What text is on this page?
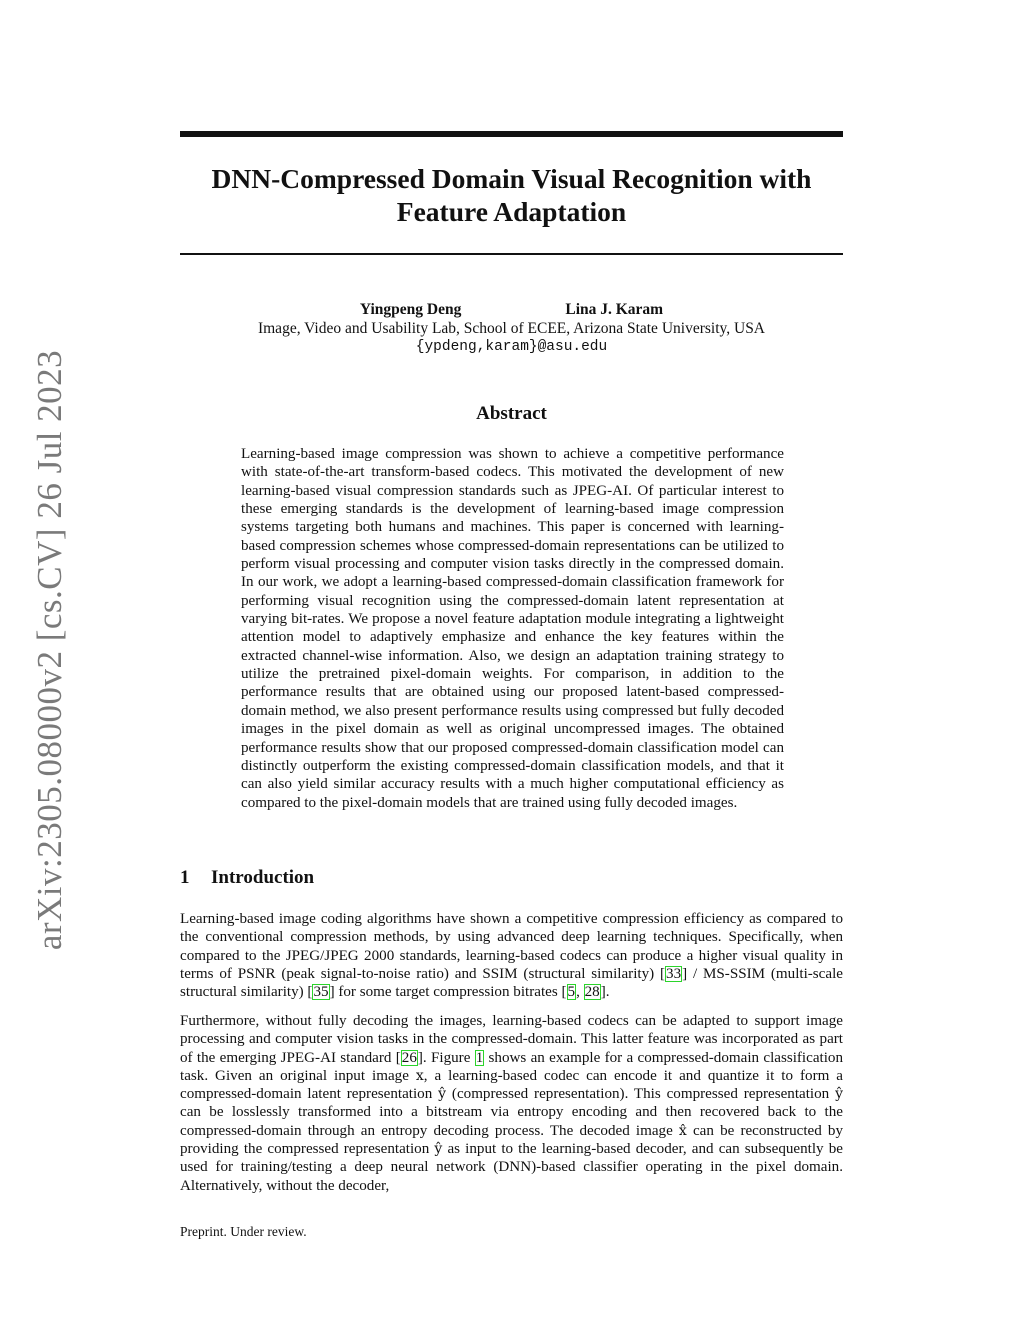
DNN-Compressed Domain Visual Recognition with
Feature Adaptation
Yingpeng Deng	Lina J. Karam
Image, Video and Usability Lab, School of ECEE, Arizona State University, USA
{ypdeng,karam}@asu.edu
Abstract

Learning-based image compression was shown to achieve a competitive performance with state-of-the-art transform-based codecs. This motivated the development of new learning-based visual compression standards such as JPEG-AI. Of particular interest to these emerging standards is the development of learning-based image compression systems targeting both humans and machines. This paper is concerned with learning-based compression schemes whose compressed-domain representations can be utilized to perform visual processing and computer vision tasks directly in the compressed domain. In our work, we adopt a learning-based compressed-domain classification framework for performing visual recognition using the compressed-domain latent representation at varying bit-rates. We propose a novel feature adaptation module integrating a lightweight attention model to adaptively emphasize and enhance the key features within the extracted channel-wise information. Also, we design an adaptation training strategy to utilize the pretrained pixel-domain weights. For comparison, in addition to the performance results that are obtained using our proposed latent-based compressed-domain method, we also present performance results using compressed but fully decoded images in the pixel domain as well as original uncompressed images. The obtained performance results show that our proposed compressed-domain classification model can distinctly outperform the existing compressed-domain classification models, and that it can also yield similar accuracy results with a much higher computational efficiency as compared to the pixel-domain models that are trained using fully decoded images.

1 Introduction

Learning-based image coding algorithms have shown a competitive compression efficiency as compared to the conventional compression methods, by using advanced deep learning techniques. Specifically, when compared to the JPEG/JPEG 2000 standards, learning-based codecs can produce a higher visual quality in terms of PSNR (peak signal-to-noise ratio) and SSIM (structural similarity) [33] / MS-SSIM (multi-scale structural similarity) [35] for some target compression bitrates [5, 28].

Furthermore, without fully decoding the images, learning-based codecs can be adapted to support image processing and computer vision tasks in the compressed-domain. This latter feature was incorporated as part of the emerging JPEG-AI standard [26]. Figure 1 shows an example for a compressed-domain classification task. Given an original input image x, a learning-based codec can encode it and quantize it to form a compressed-domain latent representation ŷ (compressed representation). This compressed representation ŷ can be losslessly transformed into a bitstream via entropy encoding and then recovered back to the compressed-domain through an entropy decoding process. The decoded image x̂ can be reconstructed by providing the compressed representation ŷ as input to the learning-based decoder, and can subsequently be used for training/testing a deep neural network (DNN)-based classifier operating in the pixel domain. Alternatively, without the decoder,

Preprint. Under review.

arXiv:2305.08000v2 [cs.CV] 26 Jul 2023
